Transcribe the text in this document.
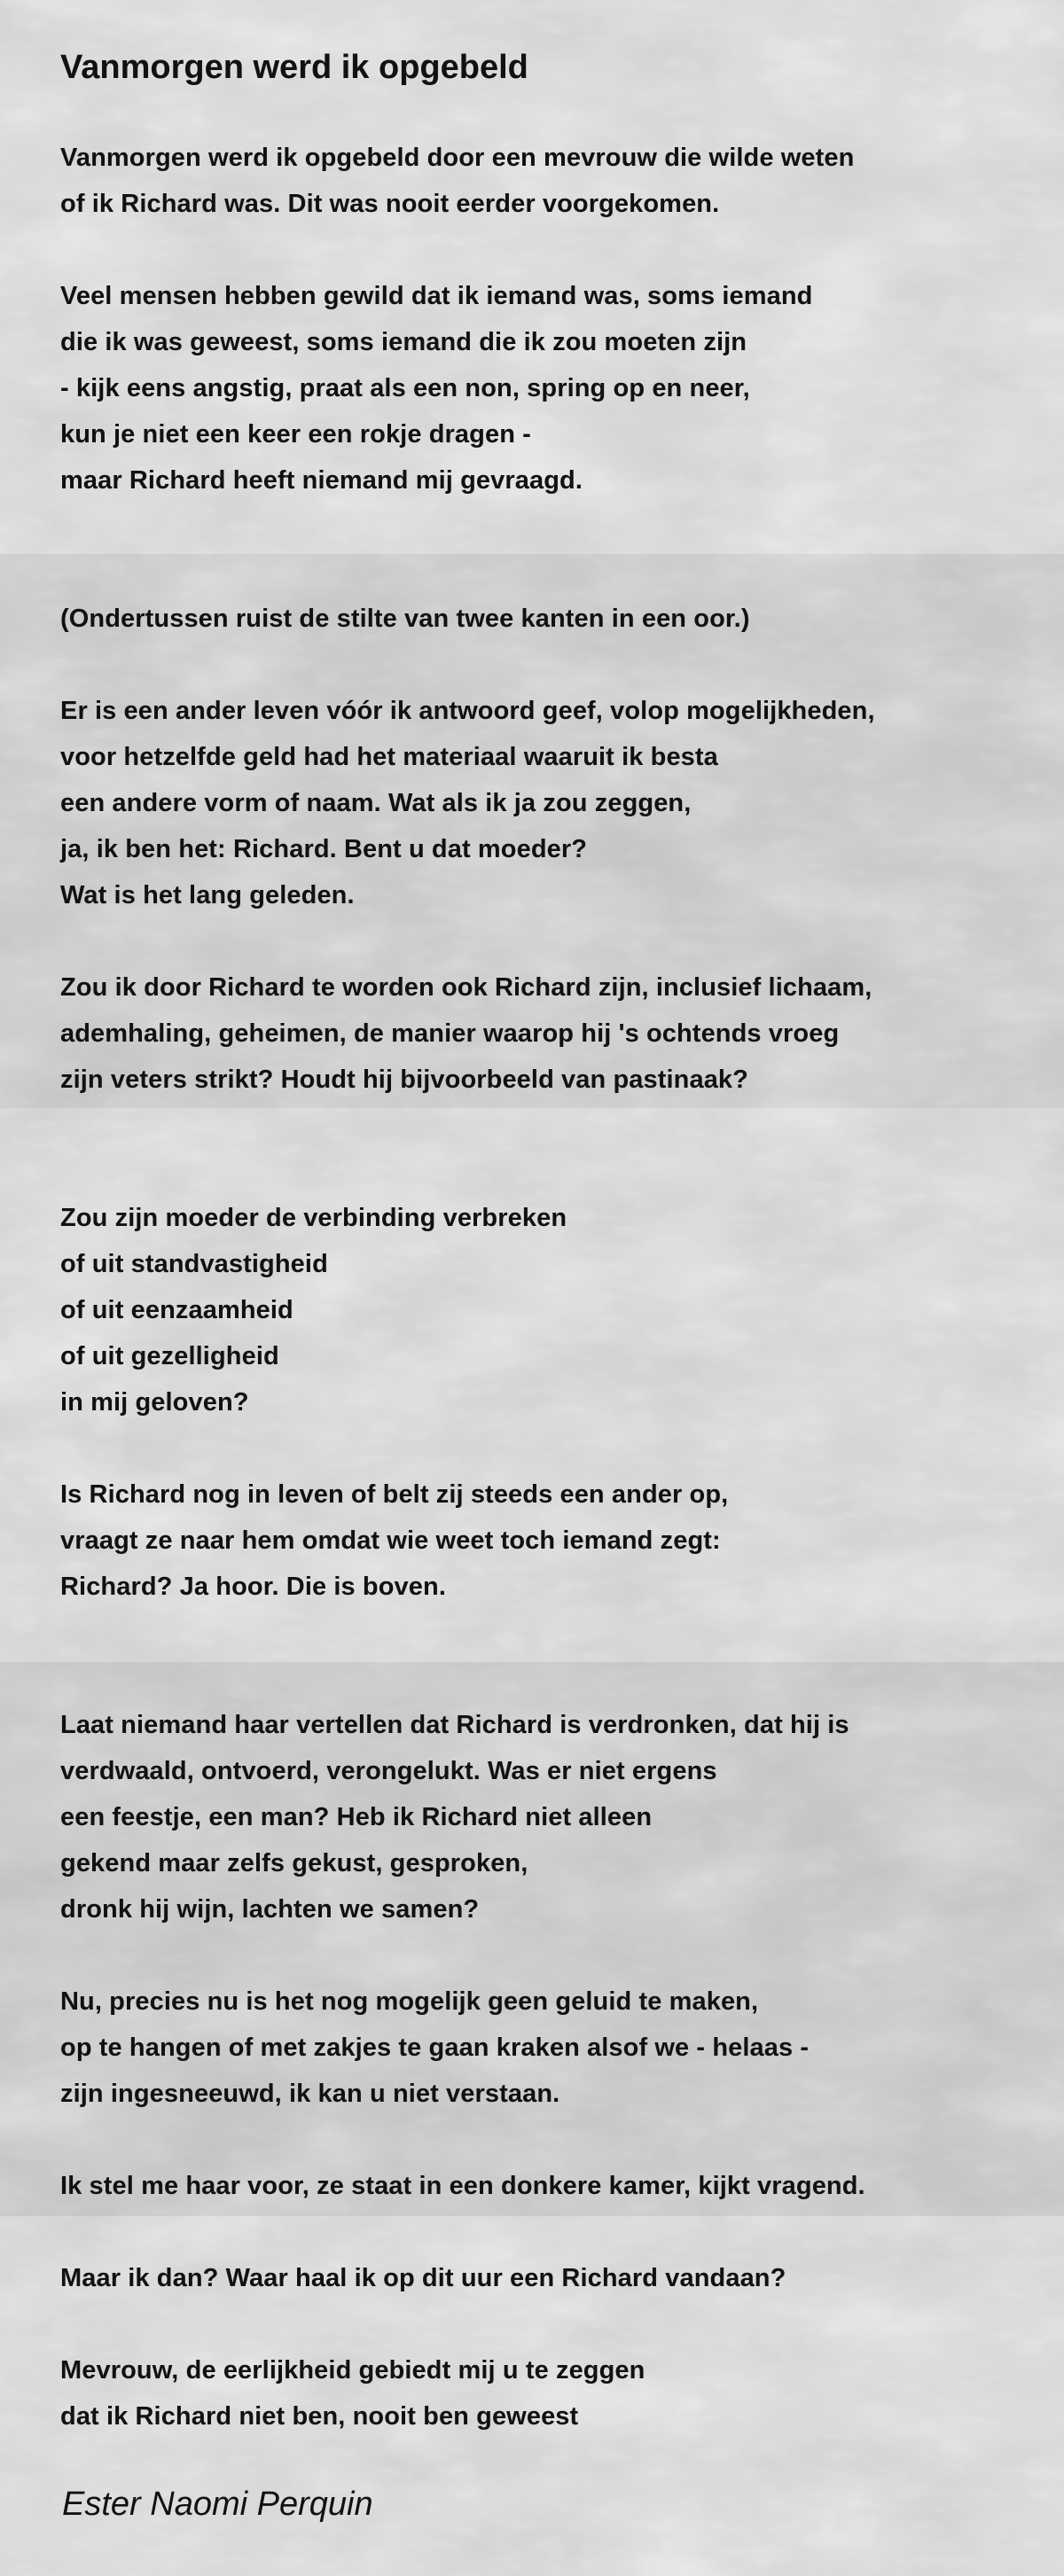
Vanmorgen werd ik opgebeld
Vanmorgen werd ik opgebeld door een mevrouw die wilde weten
of ik Richard was. Dit was nooit eerder voorgekomen.
Veel mensen hebben gewild dat ik iemand was, soms iemand
die ik was geweest, soms iemand die ik zou moeten zijn
- kijk eens angstig, praat als een non, spring op en neer,
kun je niet een keer een rokje dragen -
maar Richard heeft niemand mij gevraagd.
(Ondertussen ruist de stilte van twee kanten in een oor.)
Er is een ander leven vóór ik antwoord geef, volop mogelijkheden,
voor hetzelfde geld had het materiaal waaruit ik besta
een andere vorm of naam. Wat als ik ja zou zeggen,
ja, ik ben het: Richard. Bent u dat moeder?
Wat is het lang geleden.
Zou ik door Richard te worden ook Richard zijn, inclusief lichaam,
ademhaling, geheimen, de manier waarop hij 's ochtends vroeg
zijn veters strikt? Houdt hij bijvoorbeeld van pastinaak?
Zou zijn moeder de verbinding verbreken
of uit standvastigheid
of uit eenzaamheid
of uit gezelligheid
in mij geloven?
Is Richard nog in leven of belt zij steeds een ander op,
vraagt ze naar hem omdat wie weet toch iemand zegt:
Richard? Ja hoor. Die is boven.
Laat niemand haar vertellen dat Richard is verdronken, dat hij is
verdwaald, ontvoerd, verongelukt. Was er niet ergens
een feestje, een man? Heb ik Richard niet alleen
gekend maar zelfs gekust, gesproken,
dronk hij wijn, lachten we samen?
Nu, precies nu is het nog mogelijk geen geluid te maken,
op te hangen of met zakjes te gaan kraken alsof we - helaas -
zijn ingesneeuwd, ik kan u niet verstaan.
Ik stel me haar voor, ze staat in een donkere kamer, kijkt vragend.
Maar ik dan? Waar haal ik op dit uur een Richard vandaan?
Mevrouw, de eerlijkheid gebiedt mij u te zeggen
dat ik Richard niet ben, nooit ben geweest

Ester Naomi Perquin
